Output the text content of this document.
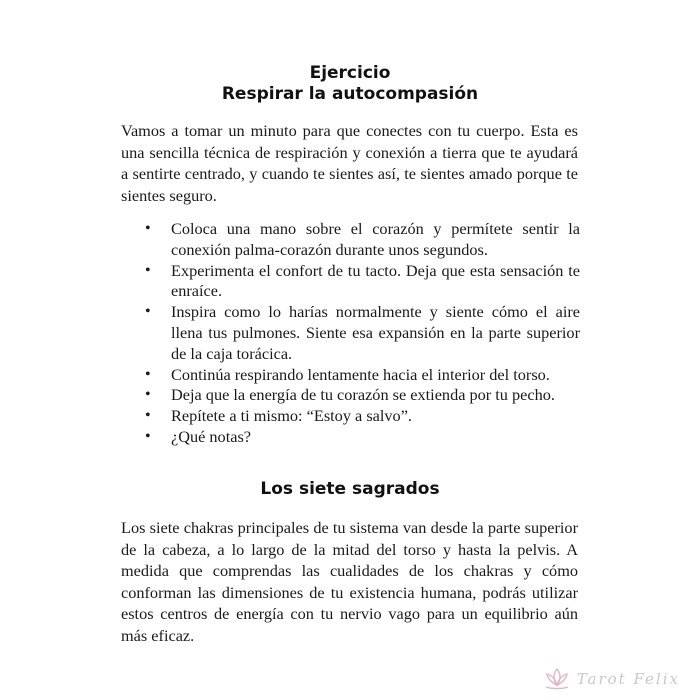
Ejercicio
Respirar la autocompasión

Vamos a tomar un minuto para que conectes con tu cuerpo. Esta es una sencilla técnica de respiración y conexión a tierra que te ayudará a sentirte centrado, y cuando te sientes así, te sientes amado porque te sientes seguro.

• Coloca una mano sobre el corazón y permítete sentir la conexión palma-corazón durante unos segundos.
• Experimenta el confort de tu tacto. Deja que esta sensación te enraíce.
• Inspira como lo harías normalmente y siente cómo el aire llena tus pulmones. Siente esa expansión en la parte superior de la caja torácica.
• Continúa respirando lentamente hacia el interior del torso.
• Deja que la energía de tu corazón se extienda por tu pecho.
• Repítete a ti mismo: “Estoy a salvo”.
• ¿Qué notas?
Los siete sagrados

Los siete chakras principales de tu sistema van desde la parte superior de la cabeza, a lo largo de la mitad del torso y hasta la pelvis. A medida que comprendas las cualidades de los chakras y cómo conforman las dimensiones de tu existencia humana, podrás utilizar estos centros de energía con tu nervio vago para un equilibrio aún más eficaz.

Tarot Felix
